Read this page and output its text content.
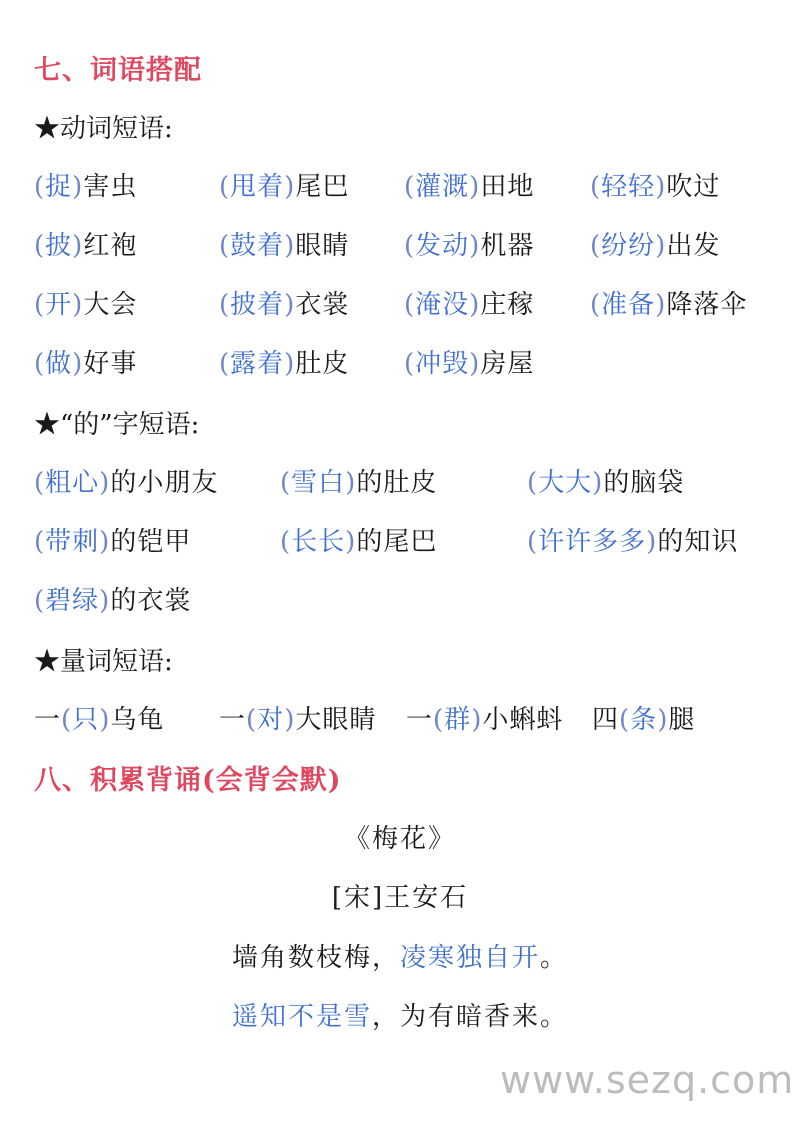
七、词语搭配
★动词短语:
(捉)害虫	(甩着)尾巴 (灌溉)田地 (轻轻)吹过
(披)红袍	(鼓着)眼睛 (发动)机器 (纷纷)出发
(开)大会	(披着)衣裳 (淹没)庄稼 (准备)降落伞
(做)好事	(露着)肚皮 (冲毁)房屋
★“的”字短语:
(粗心)的小朋友 (雪白)的肚皮	(大大)的脑袋
(带刺)的铠甲	(长长)的尾巴	(许许多多)的知识
(碧绿)的衣裳
★量词短语:
一(只)乌龟 一(对)大眼睛 一(群)小蝌蚪 四(条)腿
八、积累背诵(会背会默)
《梅花》
[宋]王安石
墙角数枝梅，凌寒独自开。
遥知不是雪，为有暗香来。
www.sezq.com
